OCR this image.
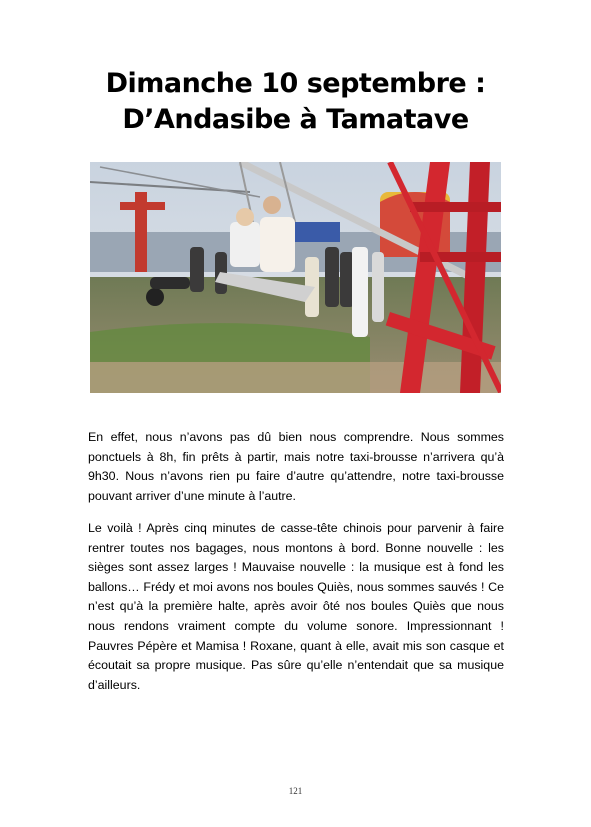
Dimanche 10 septembre :
D’Andasibe à Tamatave

En effet, nous n’avons pas dû bien nous comprendre. Nous sommes ponctuels à 8h, fin prêts à partir, mais notre taxi-brousse n’arrivera qu’à 9h30. Nous n’avons rien pu faire d’autre qu’attendre, notre taxi-brousse pouvant arriver d’une minute à l’autre.

Le voilà ! Après cinq minutes de casse-tête chinois pour parvenir à faire rentrer toutes nos bagages, nous montons à bord. Bonne nouvelle : les sièges sont assez larges ! Mauvaise nouvelle : la musique est à fond les ballons… Frédy et moi avons nos boules Quiès, nous sommes sauvés ! Ce n’est qu’à la première halte, après avoir ôté nos boules Quiès que nous nous rendons vraiment compte du volume sonore. Impressionnant ! Pauvres Pépère et Mamisa ! Roxane, quant à elle, avait mis son casque et écoutait sa propre musique. Pas sûre qu’elle n’entendait que sa musique d’ailleurs.

121
